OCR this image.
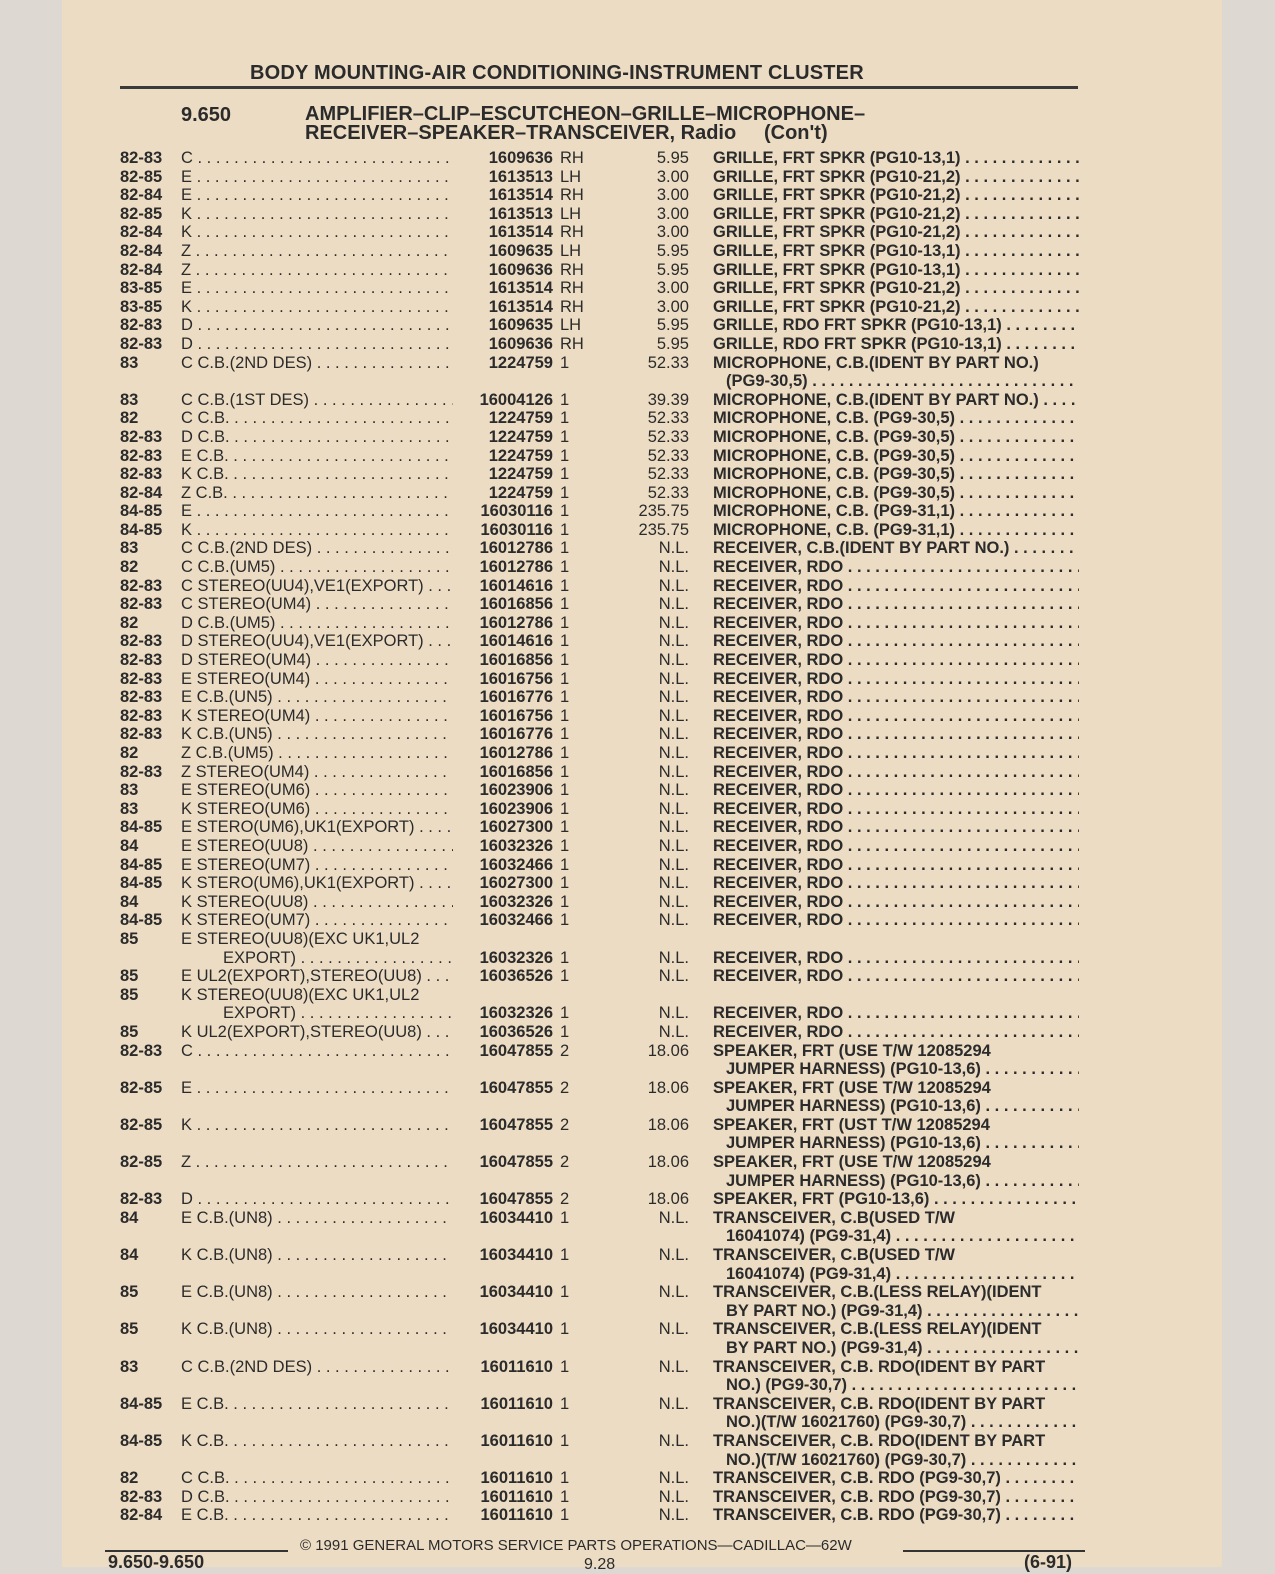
BODY MOUNTING-AIR CONDITIONING-INSTRUMENT CLUSTER
9.650	AMPLIFIER–CLIP–ESCUTCHEON–GRILLE–MICROPHONE–
RECEIVER–SPEAKER–TRANSCEIVER, Radio     (Con't)
82-83 C . . .	1609636 RH	5.95 GRILLE, FRT SPKR (PG10-13,1) . . .
82-85 E . . .	1613513 LH	3.00 GRILLE, FRT SPKR (PG10-21,2) . . .
82-84 E . . .	1613514 RH	3.00 GRILLE, FRT SPKR (PG10-21,2) . . .
82-85 K . . .	1613513 LH	3.00 GRILLE, FRT SPKR (PG10-21,2) . . .
82-84 K . . .	1613514 RH	3.00 GRILLE, FRT SPKR (PG10-21,2) . . .
82-84 Z . . .	1609635 LH	5.95 GRILLE, FRT SPKR (PG10-13,1) . . .
82-84 Z . . .	1609636 RH	5.95 GRILLE, FRT SPKR (PG10-13,1) . . .
83-85 E . . .	1613514 RH	3.00 GRILLE, FRT SPKR (PG10-21,2) . . .
83-85 K . . .	1613514 RH	3.00 GRILLE, FRT SPKR (PG10-21,2) . . .
82-83 D . . .	1609635 LH	5.95 GRILLE, RDO FRT SPKR (PG10-13,1) . . .
82-83 D . . .	1609636 RH	5.95 GRILLE, RDO FRT SPKR (PG10-13,1) . . .
83	C C.B.(2ND DES) . . .	1224759 1	52.33 MICROPHONE, C.B.(IDENT BY PART NO.)
(PG9-30,5) . . .
83	C C.B.(1ST DES) . . .	16004126 1	39.39 MICROPHONE, C.B.(IDENT BY PART NO.) . . .
82	C C.B. . . .	1224759 1	52.33 MICROPHONE, C.B. (PG9-30,5) . . .
82-83 D C.B. . . .	1224759 1	52.33 MICROPHONE, C.B. (PG9-30,5) . . .
82-83 E C.B. . . .	1224759 1	52.33 MICROPHONE, C.B. (PG9-30,5) . . .
82-83 K C.B. . . .	1224759 1	52.33 MICROPHONE, C.B. (PG9-30,5) . . .
82-84 Z C.B. . . .	1224759 1	52.33 MICROPHONE, C.B. (PG9-30,5) . . .
84-85 E . . .	16030116 1	235.75 MICROPHONE, C.B. (PG9-31,1) . . .
84-85 K . . .	16030116 1	235.75 MICROPHONE, C.B. (PG9-31,1) . . .
83	C C.B.(2ND DES) . . .	16012786 1	N.L. RECEIVER, C.B.(IDENT BY PART NO.) . . .
82	C C.B.(UM5) . . .	16012786 1	N.L. RECEIVER, RDO . . .
82-83 C STEREO(UU4),VE1(EXPORT) . . .	16014616 1	N.L. RECEIVER, RDO . . .
82-83 C STEREO(UM4) . . .	16016856 1	N.L. RECEIVER, RDO . . .
82	D C.B.(UM5) . . .	16012786 1	N.L. RECEIVER, RDO . . .
82-83 D STEREO(UU4),VE1(EXPORT) . . .	16014616 1	N.L. RECEIVER, RDO . . .
82-83 D STEREO(UM4) . . .	16016856 1	N.L. RECEIVER, RDO . . .
82-83 E STEREO(UM4) . . .	16016756 1	N.L. RECEIVER, RDO . . .
82-83 E C.B.(UN5) . . .	16016776 1	N.L. RECEIVER, RDO . . .
82-83 K STEREO(UM4) . . .	16016756 1	N.L. RECEIVER, RDO . . .
82-83 K C.B.(UN5) . . .	16016776 1	N.L. RECEIVER, RDO . . .
82	Z C.B.(UM5) . . .	16012786 1	N.L. RECEIVER, RDO . . .
82-83 Z STEREO(UM4) . . .	16016856 1	N.L. RECEIVER, RDO . . .
83	E STEREO(UM6) . . .	16023906 1	N.L. RECEIVER, RDO . . .
83	K STEREO(UM6) . . .	16023906 1	N.L. RECEIVER, RDO . . .
84-85 E STERO(UM6),UK1(EXPORT) . . .	16027300 1	N.L. RECEIVER, RDO . . .
84	E STEREO(UU8) . . .	16032326 1	N.L. RECEIVER, RDO . . .
84-85 E STEREO(UM7) . . .	16032466 1	N.L. RECEIVER, RDO . . .
84-85 K STERO(UM6),UK1(EXPORT) . . .	16027300 1	N.L. RECEIVER, RDO . . .
84	K STEREO(UU8) . . .	16032326 1	N.L. RECEIVER, RDO . . .
84-85 K STEREO(UM7) . . .	16032466 1	N.L. RECEIVER, RDO . . .
85	E STEREO(UU8)(EXC UK1,UL2
EXPORT) . . .	16032326 1	N.L. RECEIVER, RDO . . .
85	E UL2(EXPORT),STEREO(UU8) . . .	16036526 1	N.L. RECEIVER, RDO . . .
85	K STEREO(UU8)(EXC UK1,UL2
EXPORT) . . .	16032326 1	N.L. RECEIVER, RDO . . .
85	K UL2(EXPORT),STEREO(UU8) . . .	16036526 1	N.L. RECEIVER, RDO . . .
82-83 C . . .	16047855 2	18.06 SPEAKER, FRT (USE T/W 12085294
JUMPER HARNESS) (PG10-13,6) . . .
82-85 E . . .	16047855 2	18.06 SPEAKER, FRT (USE T/W 12085294
JUMPER HARNESS) (PG10-13,6) . . .
82-85 K . . .	16047855 2	18.06 SPEAKER, FRT (UST T/W 12085294
JUMPER HARNESS) (PG10-13,6) . . .
82-85 Z . . .	16047855 2	18.06 SPEAKER, FRT (USE T/W 12085294
JUMPER HARNESS) (PG10-13,6) . . .
82-83 D . . .	16047855 2	18.06 SPEAKER, FRT (PG10-13,6) . . .
84	E C.B.(UN8) . . .	16034410 1	N.L. TRANSCEIVER, C.B(USED T/W
16041074) (PG9-31,4) . . .
84	K C.B.(UN8) . . .	16034410 1	N.L. TRANSCEIVER, C.B(USED T/W
16041074) (PG9-31,4) . . .
85	E C.B.(UN8) . . .	16034410 1	N.L. TRANSCEIVER, C.B.(LESS RELAY)(IDENT
BY PART NO.) (PG9-31,4) . . .
85	K C.B.(UN8) . . .	16034410 1	N.L. TRANSCEIVER, C.B.(LESS RELAY)(IDENT
BY PART NO.) (PG9-31,4) . . .
83	C C.B.(2ND DES) . . .	16011610 1	N.L. TRANSCEIVER, C.B. RDO(IDENT BY PART
NO.) (PG9-30,7) . . .
84-85 E C.B. . . .	16011610 1	N.L. TRANSCEIVER, C.B. RDO(IDENT BY PART
NO.)(T/W 16021760) (PG9-30,7) . . .
84-85 K C.B. . . .	16011610 1	N.L. TRANSCEIVER, C.B. RDO(IDENT BY PART
NO.)(T/W 16021760) (PG9-30,7) . . .
82	C C.B. . . .	16011610 1	N.L. TRANSCEIVER, C.B. RDO (PG9-30,7) . . .
82-83 D C.B. . . .	16011610 1	N.L. TRANSCEIVER, C.B. RDO (PG9-30,7) . . .
82-84 E C.B. . . .	16011610 1	N.L. TRANSCEIVER, C.B. RDO (PG9-30,7) . . .
© 1991 GENERAL MOTORS SERVICE PARTS OPERATIONS—CADILLAC—62W
9.650-9.650	9.28	(6-91)
